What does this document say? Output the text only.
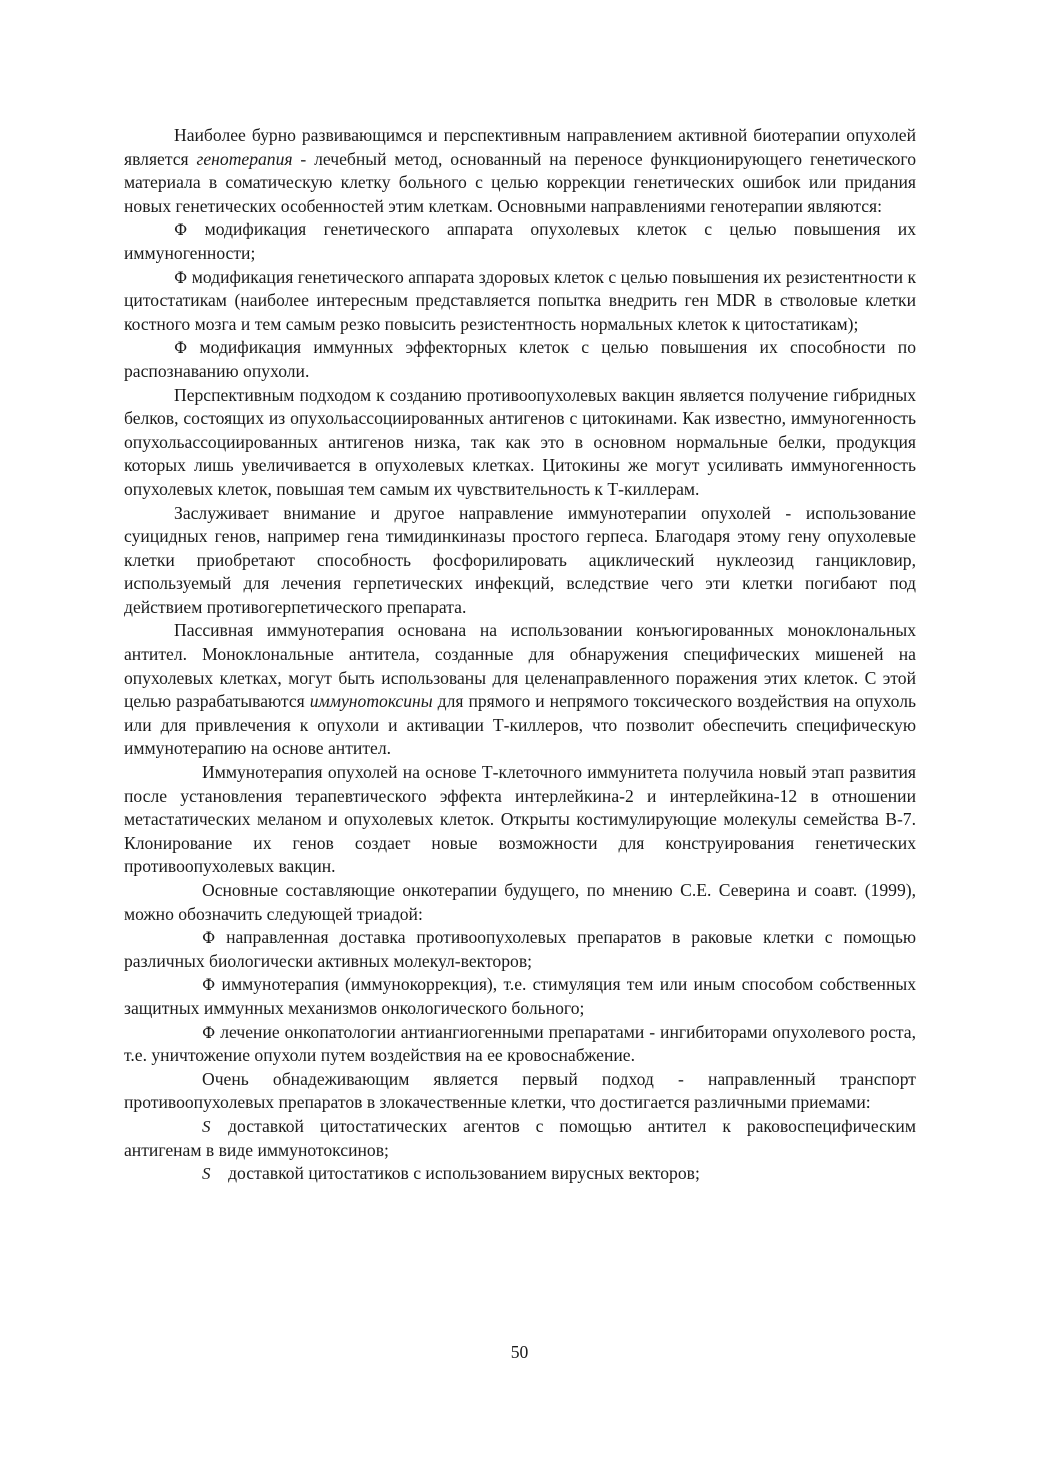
Наиболее бурно развивающимся и перспективным направлением активной биотерапии опухолей является генотерапия - лечебный метод, основанный на переносе функционирующего генетического материала в соматическую клетку больного с целью коррекции генетических ошибок или придания новых генетических особенностей этим клеткам. Основными направлениями генотерапии являются:

Ф модификация генетического аппарата опухолевых клеток с целью повышения их иммуногенности;

Ф модификация генетического аппарата здоровых клеток с целью повышения их резистентности к цитостатикам (наиболее интересным представляется попытка внедрить ген MDR в стволовые клетки костного мозга и тем самым резко повысить резистентность нормальных клеток к цитостатикам);

Ф модификация иммунных эффекторных клеток с целью повышения их способности по распознаванию опухоли.

Перспективным подходом к созданию противоопухолевых вакцин является получение гибридных белков, состоящих из опухольассоциированных антигенов с цитокинами. Как известно, иммуногенность опухольассоциированных антигенов низка, так как это в основном нормальные белки, продукция которых лишь увеличивается в опухолевых клетках. Цитокины же могут усиливать иммуногенность опухолевых клеток, повышая тем самым их чувствительность к Т-киллерам.

Заслуживает внимание и другое направление иммунотерапии опухолей - использование суицидных генов, например гена тимидинкиназы простого герпеса. Благодаря этому гену опухолевые клетки приобретают способность фосфорилировать ациклический нуклеозид ганцикловир, используемый для лечения герпетических инфекций, вследствие чего эти клетки погибают под действием противогерпетического препарата.

Пассивная иммунотерапия основана на использовании конъюгированных моноклональных антител. Моноклональные антитела, созданные для обнаружения специфических мишеней на опухолевых клетках, могут быть использованы для целенаправленного поражения этих клеток. С этой целью разрабатываются иммунотоксины для прямого и непрямого токсического воздействия на опухоль или для привлечения к опухоли и активации Т-киллеров, что позволит обеспечить специфическую иммунотерапию на основе антител.

Иммунотерапия опухолей на основе Т-клеточного иммунитета получила новый этап развития после установления терапевтического эффекта интерлейкина-2 и интерлейкина-12 в отношении метастатических меланом и опухолевых клеток. Открыты костимулирующие молекулы семейства В-7. Клонирование их генов создает новые возможности для конструирования генетических противоопухолевых вакцин.

Основные составляющие онкотерапии будущего, по мнению С.Е. Северина и соавт. (1999), можно обозначить следующей триадой:

Ф направленная доставка противоопухолевых препаратов в раковые клетки с помощью различных биологически активных молекул-векторов;

Ф иммунотерапия (иммунокоррекция), т.е. стимуляция тем или иным способом собственных защитных иммунных механизмов онкологического больного;

Ф лечение онкопатологии антиангиогенными препаратами - ингибиторами опухолевого роста, т.е. уничтожение опухоли путем воздействия на ее кровоснабжение.

Очень обнадеживающим является первый подход - направленный транспорт противоопухолевых препаратов в злокачественные клетки, что достигается различными приемами:

S  доставкой цитостатических агентов с помощью антител к раковоспецифическим антигенам в виде иммунотоксинов;

S  доставкой цитостатиков с использованием вирусных векторов;

50
